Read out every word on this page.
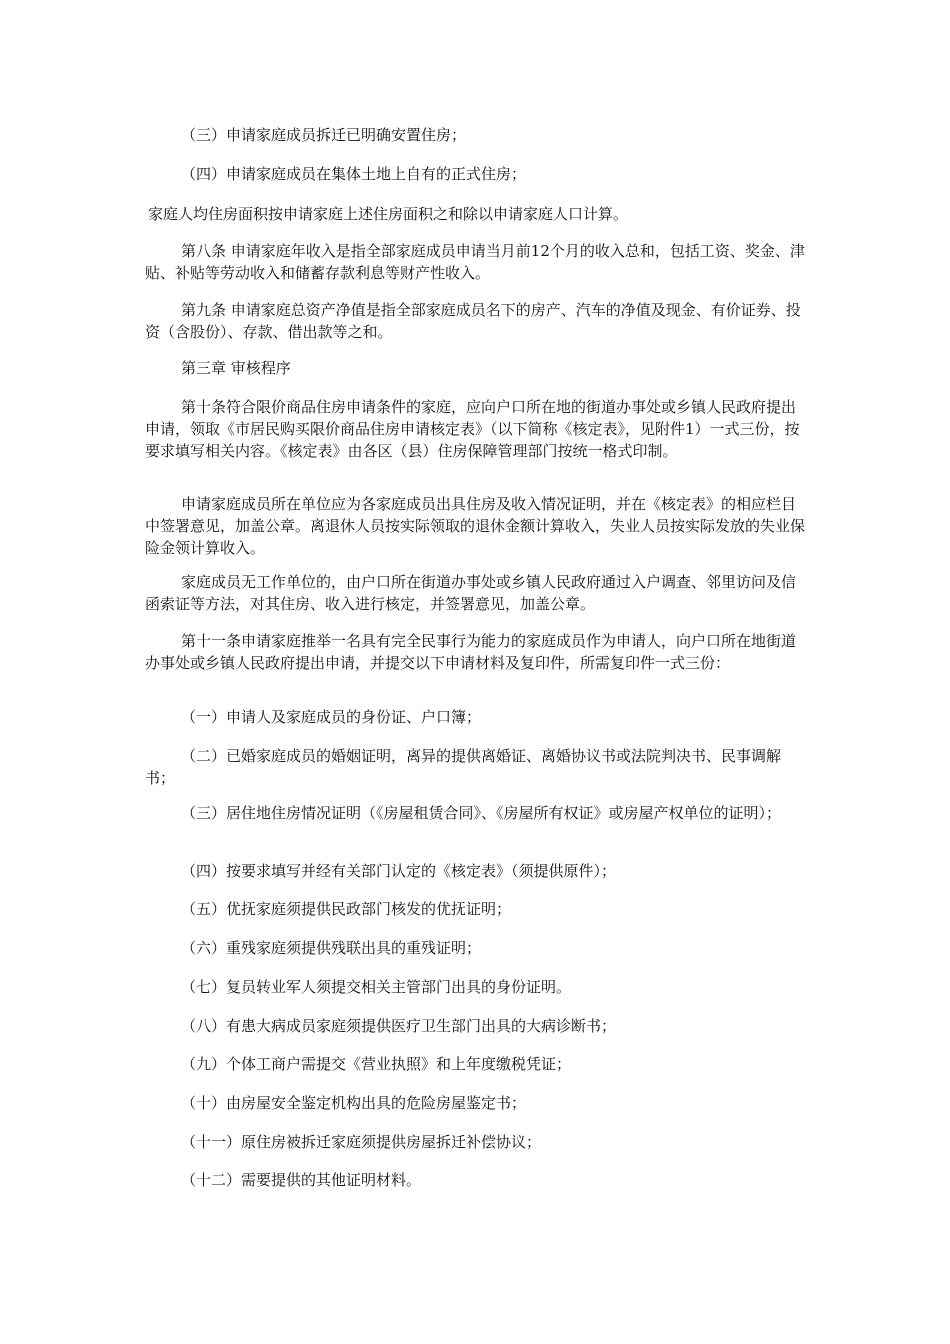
（三）申请家庭成员拆迁已明确安置住房；

（四）申请家庭成员在集体土地上自有的正式住房；

家庭人均住房面积按申请家庭上述住房面积之和除以申请家庭人口计算。

第八条 申请家庭年收入是指全部家庭成员申请当月前12个月的收入总和，包括工资、奖金、津贴、补贴等劳动收入和储蓄存款利息等财产性收入。

第九条 申请家庭总资产净值是指全部家庭成员名下的房产、汽车的净值及现金、有价证券、投资（含股份）、存款、借出款等之和。

第三章 审核程序

第十条符合限价商品住房申请条件的家庭，应向户口所在地的街道办事处或乡镇人民政府提出申请，领取《市居民购买限价商品住房申请核定表》（以下简称《核定表》，见附件1）一式三份，按要求填写相关内容。《核定表》由各区（县）住房保障管理部门按统一格式印制。

申请家庭成员所在单位应为各家庭成员出具住房及收入情况证明，并在《核定表》的相应栏目中签署意见，加盖公章。离退休人员按实际领取的退休金额计算收入，失业人员按实际发放的失业保险金领计算收入。

家庭成员无工作单位的，由户口所在街道办事处或乡镇人民政府通过入户调查、邻里访问及信函索证等方法，对其住房、收入进行核定，并签署意见，加盖公章。

第十一条申请家庭推举一名具有完全民事行为能力的家庭成员作为申请人，向户口所在地街道办事处或乡镇人民政府提出申请，并提交以下申请材料及复印件，所需复印件一式三份：

（一）申请人及家庭成员的身份证、户口簿；

（二）已婚家庭成员的婚姻证明，离异的提供离婚证、离婚协议书或法院判决书、民事调解书；

（三）居住地住房情况证明（《房屋租赁合同》、《房屋所有权证》或房屋产权单位的证明）；

（四）按要求填写并经有关部门认定的《核定表》（须提供原件）；

（五）优抚家庭须提供民政部门核发的优抚证明；

（六）重残家庭须提供残联出具的重残证明；

（七）复员转业军人须提交相关主管部门出具的身份证明。

（八）有患大病成员家庭须提供医疗卫生部门出具的大病诊断书；

（九）个体工商户需提交《营业执照》和上年度缴税凭证；

（十）由房屋安全鉴定机构出具的危险房屋鉴定书；

（十一）原住房被拆迁家庭须提供房屋拆迁补偿协议；

（十二）需要提供的其他证明材料。
